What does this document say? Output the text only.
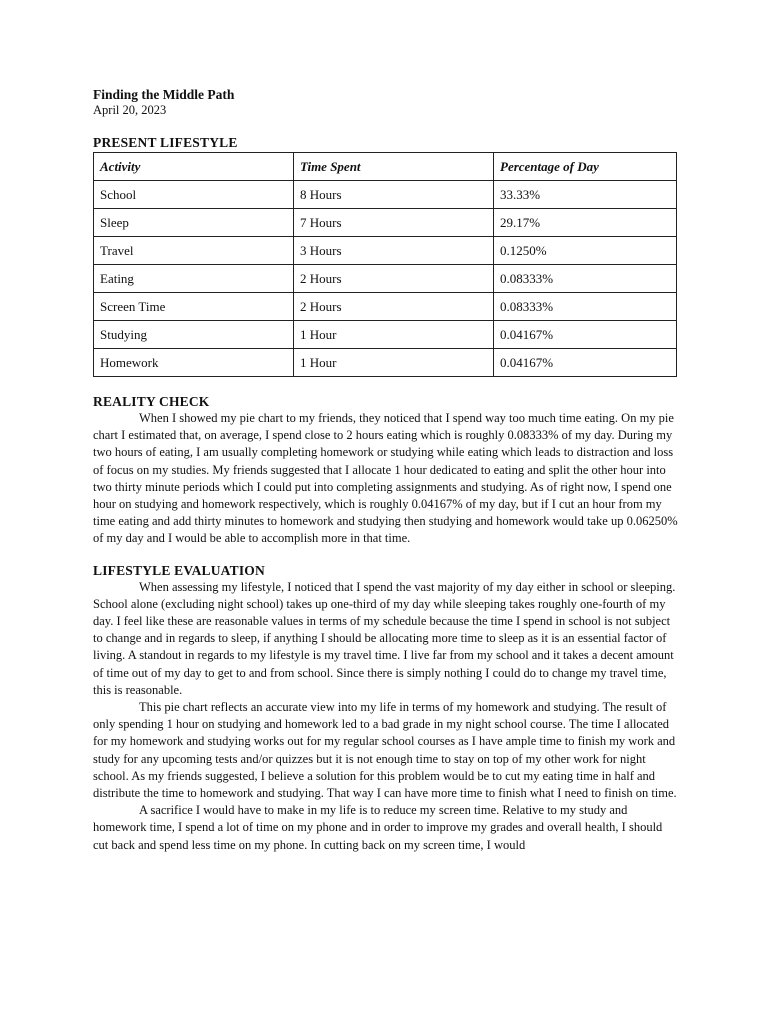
Finding the Middle Path
April 20, 2023
PRESENT LIFESTYLE
Activity	Time Spent	Percentage of Day
School	8 Hours	33.33%
Sleep	7 Hours	29.17%
Travel	3 Hours	0.1250%
Eating	2 Hours	0.08333%
Screen Time	2 Hours	0.08333%
Studying	1 Hour	0.04167%
Homework	1 Hour	0.04167%
REALITY CHECK

When I showed my pie chart to my friends, they noticed that I spend way too much time eating. On my pie chart I estimated that, on average, I spend close to 2 hours eating which is roughly 0.08333% of my day. During my two hours of eating, I am usually completing homework or studying while eating which leads to distraction and loss of focus on my studies. My friends suggested that I allocate 1 hour dedicated to eating and split the other hour into two thirty minute periods which I could put into completing assignments and studying. As of right now, I spend one hour on studying and homework respectively, which is roughly 0.04167% of my day, but if I cut an hour from my time eating and add thirty minutes to homework and studying then studying and homework would take up 0.06250% of my day and I would be able to accomplish more in that time.

LIFESTYLE EVALUATION

When assessing my lifestyle, I noticed that I spend the vast majority of my day either in school or sleeping. School alone (excluding night school) takes up one-third of my day while sleeping takes roughly one-fourth of my day. I feel like these are reasonable values in terms of my schedule because the time I spend in school is not subject to change and in regards to sleep, if anything I should be allocating more time to sleep as it is an essential factor of living. A standout in regards to my lifestyle is my travel time. I live far from my school and it takes a decent amount of time out of my day to get to and from school. Since there is simply nothing I could do to change my travel time, this is reasonable.

This pie chart reflects an accurate view into my life in terms of my homework and studying. The result of only spending 1 hour on studying and homework led to a bad grade in my night school course. The time I allocated for my homework and studying works out for my regular school courses as I have ample time to finish my work and study for any upcoming tests and/or quizzes but it is not enough time to stay on top of my other work for night school. As my friends suggested, I believe a solution for this problem would be to cut my eating time in half and distribute the time to homework and studying. That way I can have more time to finish what I need to finish on time.

A sacrifice I would have to make in my life is to reduce my screen time. Relative to my study and homework time, I spend a lot of time on my phone and in order to improve my grades and overall health, I should cut back and spend less time on my phone. In cutting back on my screen time, I would
